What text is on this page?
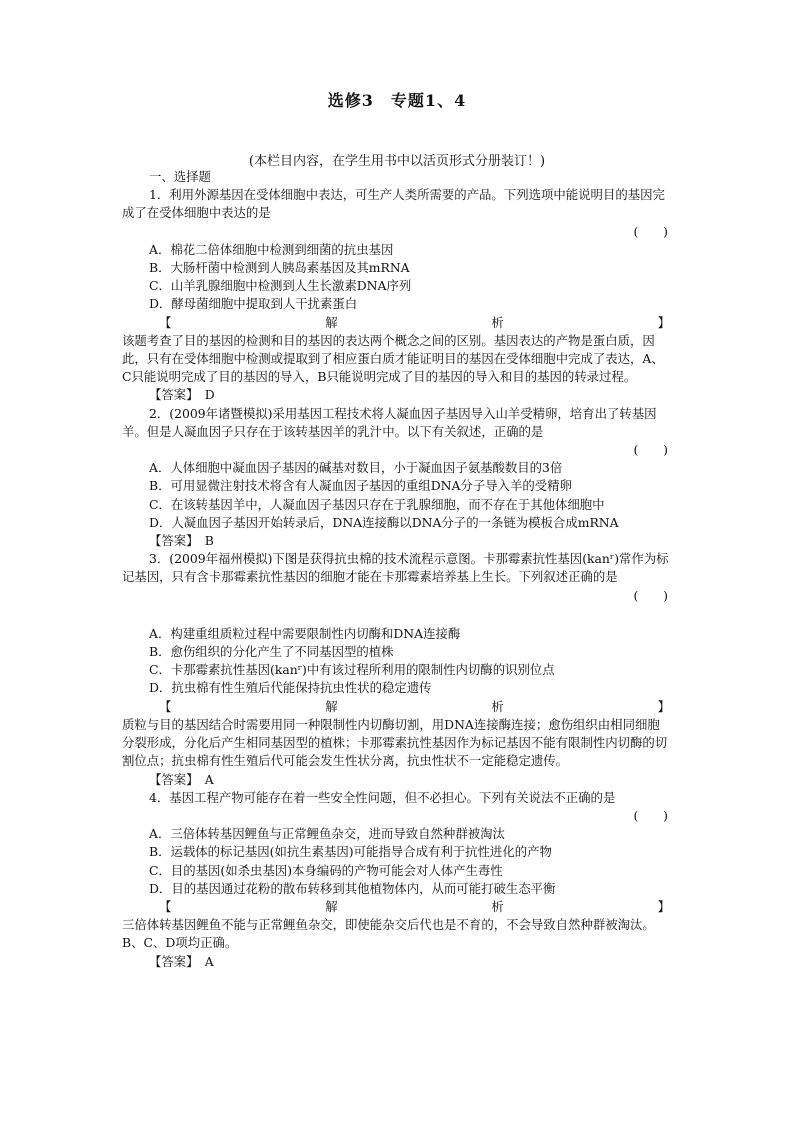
选修3　专题1、4
(本栏目内容，在学生用书中以活页形式分册装订！)

一、选择题

1．利用外源基因在受体细胞中表达，可生产人类所需要的产品。下列选项中能说明目的基因完成了在受体细胞中表达的是

(　　)

A．棉花二倍体细胞中检测到细菌的抗虫基因

B．大肠杆菌中检测到人胰岛素基因及其mRNA

C．山羊乳腺细胞中检测到人生长激素DNA序列

D．酵母菌细胞中提取到人干扰素蛋白

【	解	析	】

该题考查了目的基因的检测和目的基因的表达两个概念之间的区别。基因表达的产物是蛋白质，因此，只有在受体细胞中检测或提取到了相应蛋白质才能证明目的基因在受体细胞中完成了表达，A、C只能说明完成了目的基因的导入，B只能说明完成了目的基因的导入和目的基因的转录过程。

【答案】　 D

2．(2009年诸暨模拟)采用基因工程技术将人凝血因子基因导入山羊受精卵，培育出了转基因羊。但是人凝血因子只存在于该转基因羊的乳汁中。以下有关叙述，正确的是

(　　)

A．人体细胞中凝血因子基因的碱基对数目，小于凝血因子氨基酸数目的3倍

B．可用显微注射技术将含有人凝血因子基因的重组DNA分子导入羊的受精卵

C．在该转基因羊中，人凝血因子基因只存在于乳腺细胞，而不存在于其他体细胞中

D．人凝血因子基因开始转录后，DNA连接酶以DNA分子的一条链为模板合成mRNA

【答案】　 B

3．(2009年福州模拟)下图是获得抗虫棉的技术流程示意图。卡那霉素抗性基因(kanʳ)常作为标记基因，只有含卡那霉素抗性基因的细胞才能在卡那霉素培养基上生长。下列叙述正确的是

(　　)

A．构建重组质粒过程中需要限制性内切酶和DNA连接酶

B．愈伤组织的分化产生了不同基因型的植株

C．卡那霉素抗性基因(kanʳ)中有该过程所利用的限制性内切酶的识别位点

D．抗虫棉有性生殖后代能保持抗虫性状的稳定遗传

【	解	析	】

质粒与目的基因结合时需要用同一种限制性内切酶切割，用DNA连接酶连接；愈伤组织由相同细胞分裂形成，分化后产生相同基因型的植株；卡那霉素抗性基因作为标记基因不能有限制性内切酶的切割位点；抗虫棉有性生殖后代可能会发生性状分离，抗虫性状不一定能稳定遗传。

【答案】　 A

4．基因工程产物可能存在着一些安全性问题，但不必担心。下列有关说法不正确的是

(　　)

A．三倍体转基因鲤鱼与正常鲤鱼杂交，进而导致自然种群被淘汰

B．运载体的标记基因(如抗生素基因)可能指导合成有利于抗性进化的产物

C．目的基因(如杀虫基因)本身编码的产物可能会对人体产生毒性

D．目的基因通过花粉的散布转移到其他植物体内，从而可能打破生态平衡

【	解	析	】

三倍体转基因鲤鱼不能与正常鲤鱼杂交，即使能杂交后代也是不育的，不会导致自然种群被淘汰。B、C、D项均正确。

【答案】　 A
